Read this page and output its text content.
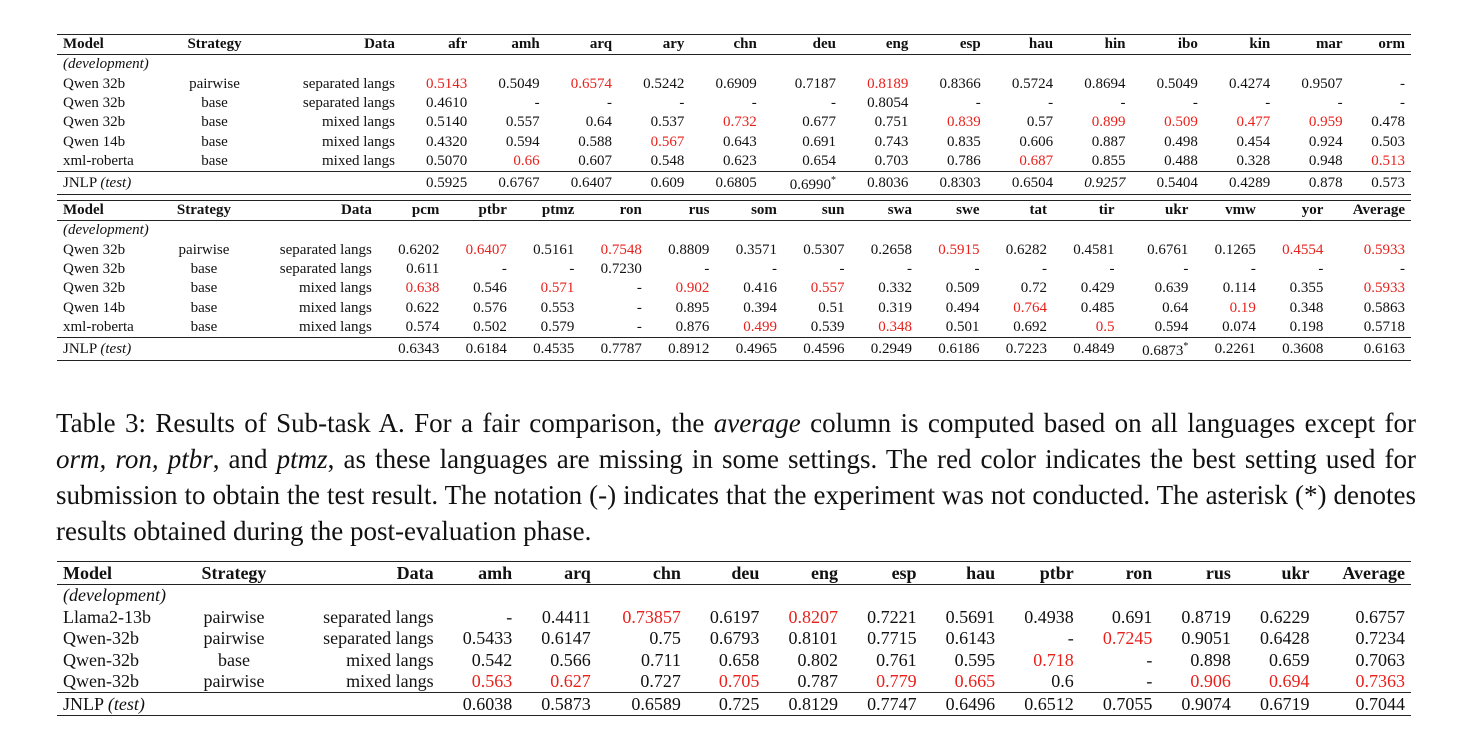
Model	Strategy	Data	afr	amh	arq	ary	chn	deu	eng	esp	hau	hin	ibo	kin	mar	orm
(development)																
Qwen 32b	pairwise	separated langs	0.5143	0.5049	0.6574	0.5242	0.6909	0.7187	0.8189	0.8366	0.5724	0.8694	0.5049	0.4274	0.9507	-
Qwen 32b	base	separated langs	0.4610	-	-	-	-	-	0.8054	-	-	-	-	-	-	-
Qwen 32b	base	mixed langs	0.5140	0.557	0.64	0.537	0.732	0.677	0.751	0.839	0.57	0.899	0.509	0.477	0.959	0.478
Qwen 14b	base	mixed langs	0.4320	0.594	0.588	0.567	0.643	0.691	0.743	0.835	0.606	0.887	0.498	0.454	0.924	0.503
xml-roberta	base	mixed langs	0.5070	0.66	0.607	0.548	0.623	0.654	0.703	0.786	0.687	0.855	0.488	0.328	0.948	0.513
JNLP (test)			0.5925	0.6767	0.6407	0.609	0.6805	0.6990*	0.8036	0.8303	0.6504	0.9257	0.5404	0.4289	0.878	0.573
Model	Strategy	Data	pcm	ptbr	ptmz	ron	rus	som	sun	swa	swe	tat	tir	ukr	vmw	yor	Average
(development)																	
Qwen 32b	pairwise	separated langs	0.6202	0.6407	0.5161	0.7548	0.8809	0.3571	0.5307	0.2658	0.5915	0.6282	0.4581	0.6761	0.1265	0.4554	0.5933
Qwen 32b	base	separated langs	0.611	-	-	0.7230	-	-	-	-	-	-	-	-	-	-	-
Qwen 32b	base	mixed langs	0.638	0.546	0.571	-	0.902	0.416	0.557	0.332	0.509	0.72	0.429	0.639	0.114	0.355	0.5933
Qwen 14b	base	mixed langs	0.622	0.576	0.553	-	0.895	0.394	0.51	0.319	0.494	0.764	0.485	0.64	0.19	0.348	0.5863
xml-roberta	base	mixed langs	0.574	0.502	0.579	-	0.876	0.499	0.539	0.348	0.501	0.692	0.5	0.594	0.074	0.198	0.5718
JNLP (test)			0.6343	0.6184	0.4535	0.7787	0.8912	0.4965	0.4596	0.2949	0.6186	0.7223	0.4849	0.6873*	0.2261	0.3608	0.6163

Table 3: Results of Sub-task A. For a fair comparison, the average column is computed based on all languages except for orm, ron, ptbr, and ptmz, as these languages are missing in some settings. The red color indicates the best setting used for submission to obtain the test result. The notation (-) indicates that the experiment was not conducted. The asterisk (*) denotes results obtained during the post-evaluation phase.

Model	Strategy	Data	amh	arq	chn	deu	eng	esp	hau	ptbr	ron	rus	ukr	Average
(development)														
Llama2-13b	pairwise	separated langs	-	0.4411	0.73857	0.6197	0.8207	0.7221	0.5691	0.4938	0.691	0.8719	0.6229	0.6757
Qwen-32b	pairwise	separated langs	0.5433	0.6147	0.75	0.6793	0.8101	0.7715	0.6143	-	0.7245	0.9051	0.6428	0.7234
Qwen-32b	base	mixed langs	0.542	0.566	0.711	0.658	0.802	0.761	0.595	0.718	-	0.898	0.659	0.7063
Qwen-32b	pairwise	mixed langs	0.563	0.627	0.727	0.705	0.787	0.779	0.665	0.6	-	0.906	0.694	0.7363
JNLP (test)			0.6038	0.5873	0.6589	0.725	0.8129	0.7747	0.6496	0.6512	0.7055	0.9074	0.6719	0.7044
